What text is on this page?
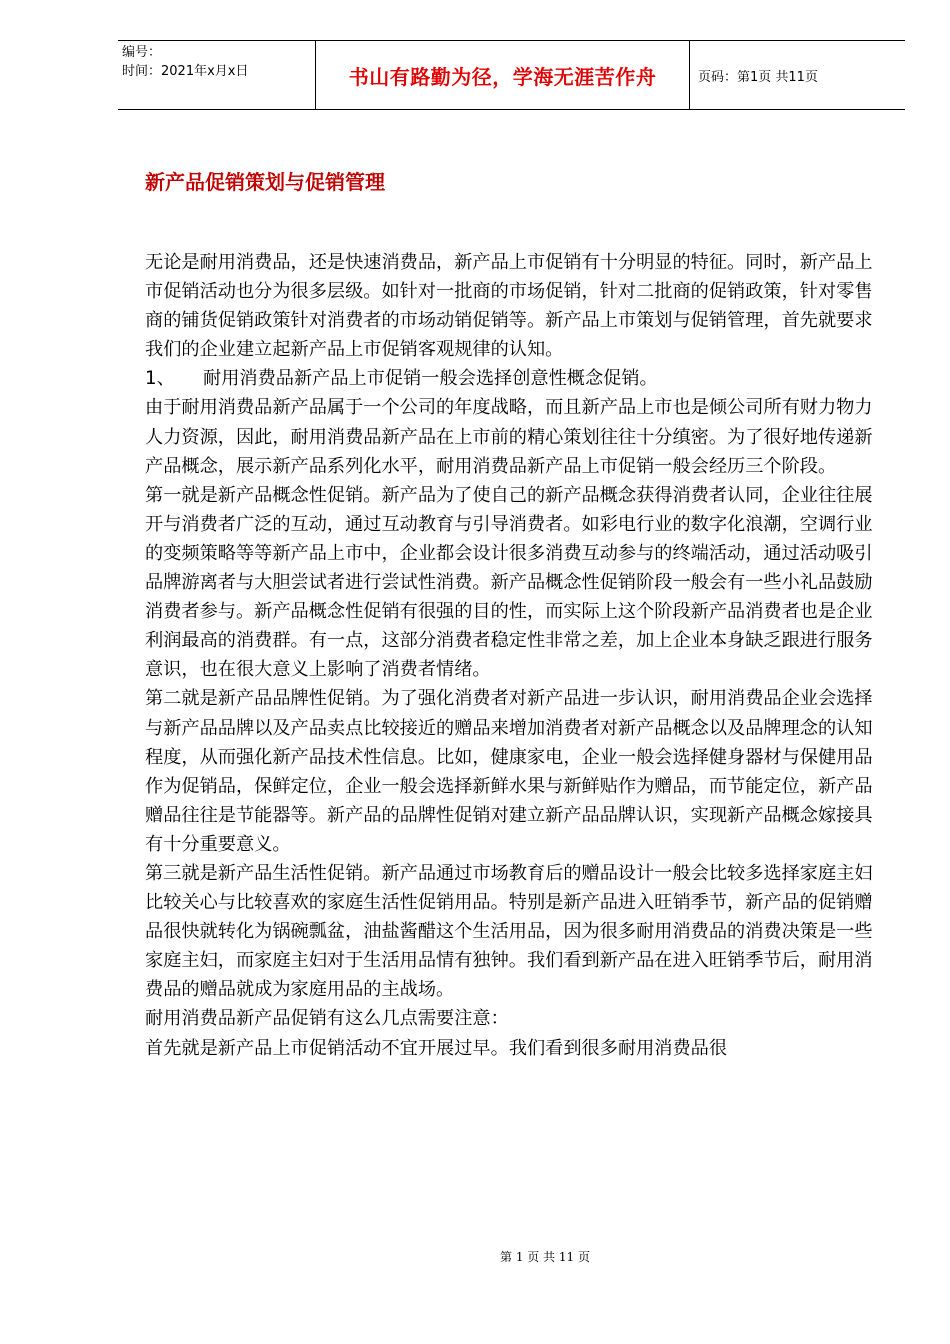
编号：
时间：2021年x月x日	书山有路勤为径，学海无涯苦作舟	页码：第1页 共11页
新产品促销策划与促销管理

无论是耐用消费品，还是快速消费品，新产品上市促销有十分明显的特征。同时，新产品上市促销活动也分为很多层级。如针对一批商的市场促销，针对二批商的促销政策，针对零售商的铺货促销政策针对消费者的市场动销促销等。新产品上市策划与促销管理，首先就要求我们的企业建立起新产品上市促销客观规律的认知。

1、 耐用消费品新产品上市促销一般会选择创意性概念促销。

由于耐用消费品新产品属于一个公司的年度战略，而且新产品上市也是倾公司所有财力物力人力资源，因此，耐用消费品新产品在上市前的精心策划往往十分缜密。为了很好地传递新产品概念，展示新产品系列化水平，耐用消费品新产品上市促销一般会经历三个阶段。

第一就是新产品概念性促销。新产品为了使自己的新产品概念获得消费者认同，企业往往展开与消费者广泛的互动，通过互动教育与引导消费者。如彩电行业的数字化浪潮，空调行业的变频策略等等新产品上市中，企业都会设计很多消费互动参与的终端活动，通过活动吸引品牌游离者与大胆尝试者进行尝试性消费。新产品概念性促销阶段一般会有一些小礼品鼓励消费者参与。新产品概念性促销有很强的目的性，而实际上这个阶段新产品消费者也是企业利润最高的消费群。有一点，这部分消费者稳定性非常之差，加上企业本身缺乏跟进行服务意识，也在很大意义上影响了消费者情绪。

第二就是新产品品牌性促销。为了强化消费者对新产品进一步认识，耐用消费品企业会选择与新产品品牌以及产品卖点比较接近的赠品来增加消费者对新产品概念以及品牌理念的认知程度，从而强化新产品技术性信息。比如，健康家电，企业一般会选择健身器材与保健用品作为促销品，保鲜定位，企业一般会选择新鲜水果与新鲜贴作为赠品，而节能定位，新产品赠品往往是节能器等。新产品的品牌性促销对建立新产品品牌认识，实现新产品概念嫁接具有十分重要意义。

第三就是新产品生活性促销。新产品通过市场教育后的赠品设计一般会比较多选择家庭主妇比较关心与比较喜欢的家庭生活性促销用品。特别是新产品进入旺销季节，新产品的促销赠品很快就转化为锅碗瓢盆，油盐酱醋这个生活用品，因为很多耐用消费品的消费决策是一些家庭主妇，而家庭主妇对于生活用品情有独钟。我们看到新产品在进入旺销季节后，耐用消费品的赠品就成为家庭用品的主战场。

耐用消费品新产品促销有这么几点需要注意：

首先就是新产品上市促销活动不宜开展过早。我们看到很多耐用消费品很

第 1 页 共 11 页
